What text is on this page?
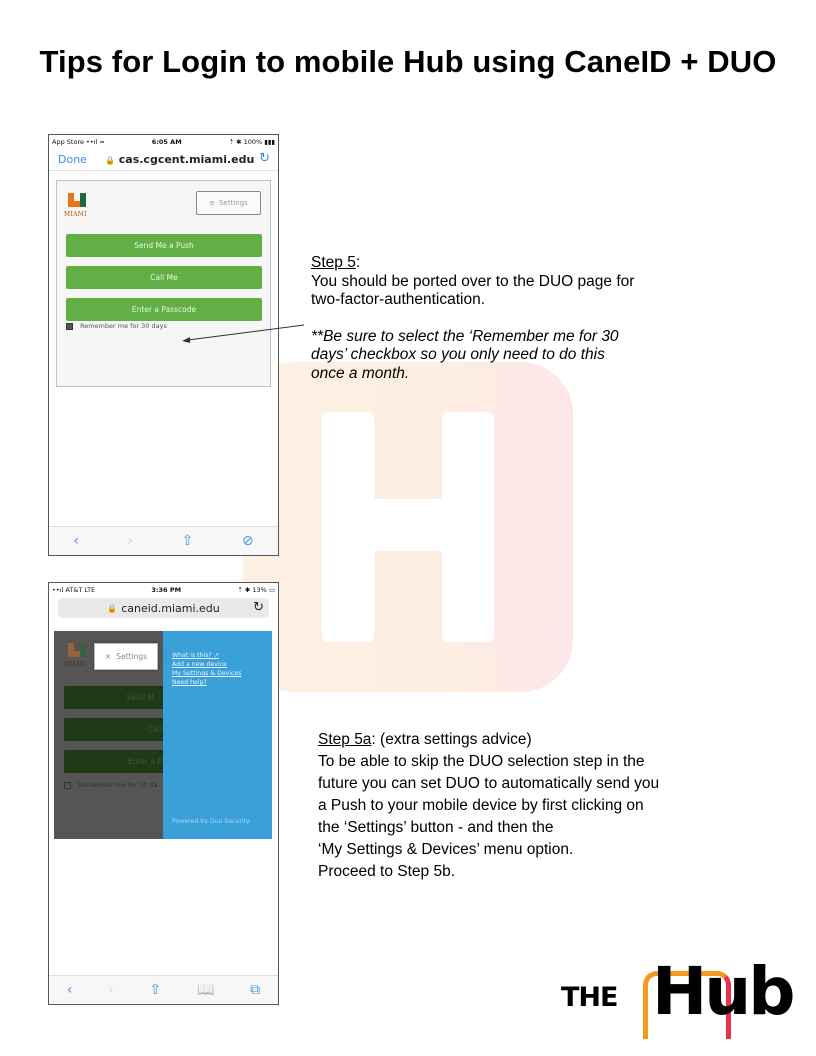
Tips for Login to mobile Hub using CaneID + DUO
App Store ••ıl ≈	6:05 AM	⇡ ✱ 100% ▮▮▮
Done 🔒 cas.cgcent.miami.edu ↻
MIAMI
≡ Settings
Send Me a Push
Call Me
Enter a Passcode
Remember me for 30 days
‹	›	⇧	⊘
••ıl AT&T LTE	3:36 PM	⇡ ✱ 13% ▭
🔒 caneid.miami.edu	↻
MIAMI
Send M
Call
Enter a P
Remember me for 30 da
× Settings	What is this? ↗
Add a new device
My Settings & Devices
Need help?
Powered by Duo Security
‹	›	⇧	📖	⧉
Step 5:
You should be ported over to the DUO page for
two-factor-authentication.
**Be sure to select the ‘Remember me for 30
days’ checkbox so you only need to do this
once a month.
Step 5a: (extra settings advice)
To be able to skip the DUO selection step in the
future you can set DUO to automatically send you
a Push to your mobile device by first clicking on
the ‘Settings’ button - and then the
‘My Settings & Devices’ menu option.
Proceed to Step 5b.
THE Hub
